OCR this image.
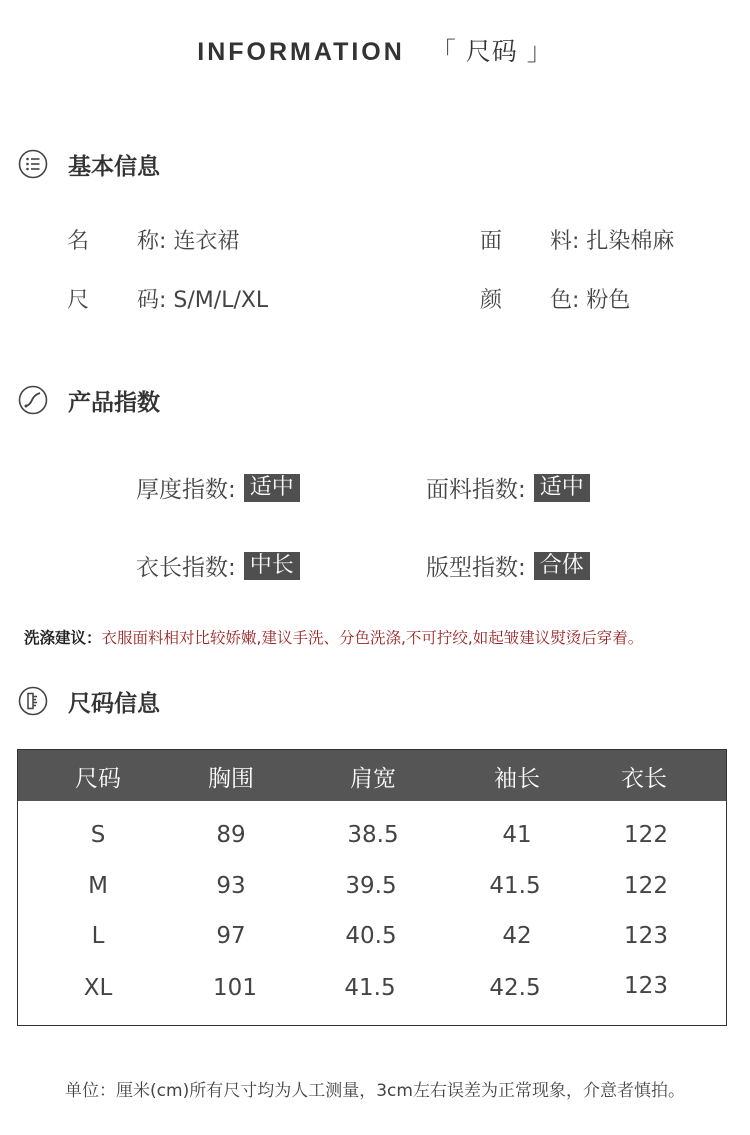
INFORMATION 「 尺码 」
基本信息
名 称: 连衣裙	面 料: 扎染棉麻
尺 码: S/M/L/XL	颜 色: 粉色
产品指数
厚度指数: 适中	面料指数: 适中
衣长指数: 中长	版型指数: 合体
洗涤建议：衣服面料相对比较娇嫩,建议手洗、分色洗涤,不可拧绞,如起皱建议熨烫后穿着。
尺码信息
尺码	胸围	肩宽	袖长	衣长
S	89	38.5	41	122
M	93	39.5	41.5	122
L	97	40.5	42	123
XL	101	41.5	42.5	123
单位：厘米(cm)所有尺寸均为人工测量，3cm左右误差为正常现象，介意者慎拍。
